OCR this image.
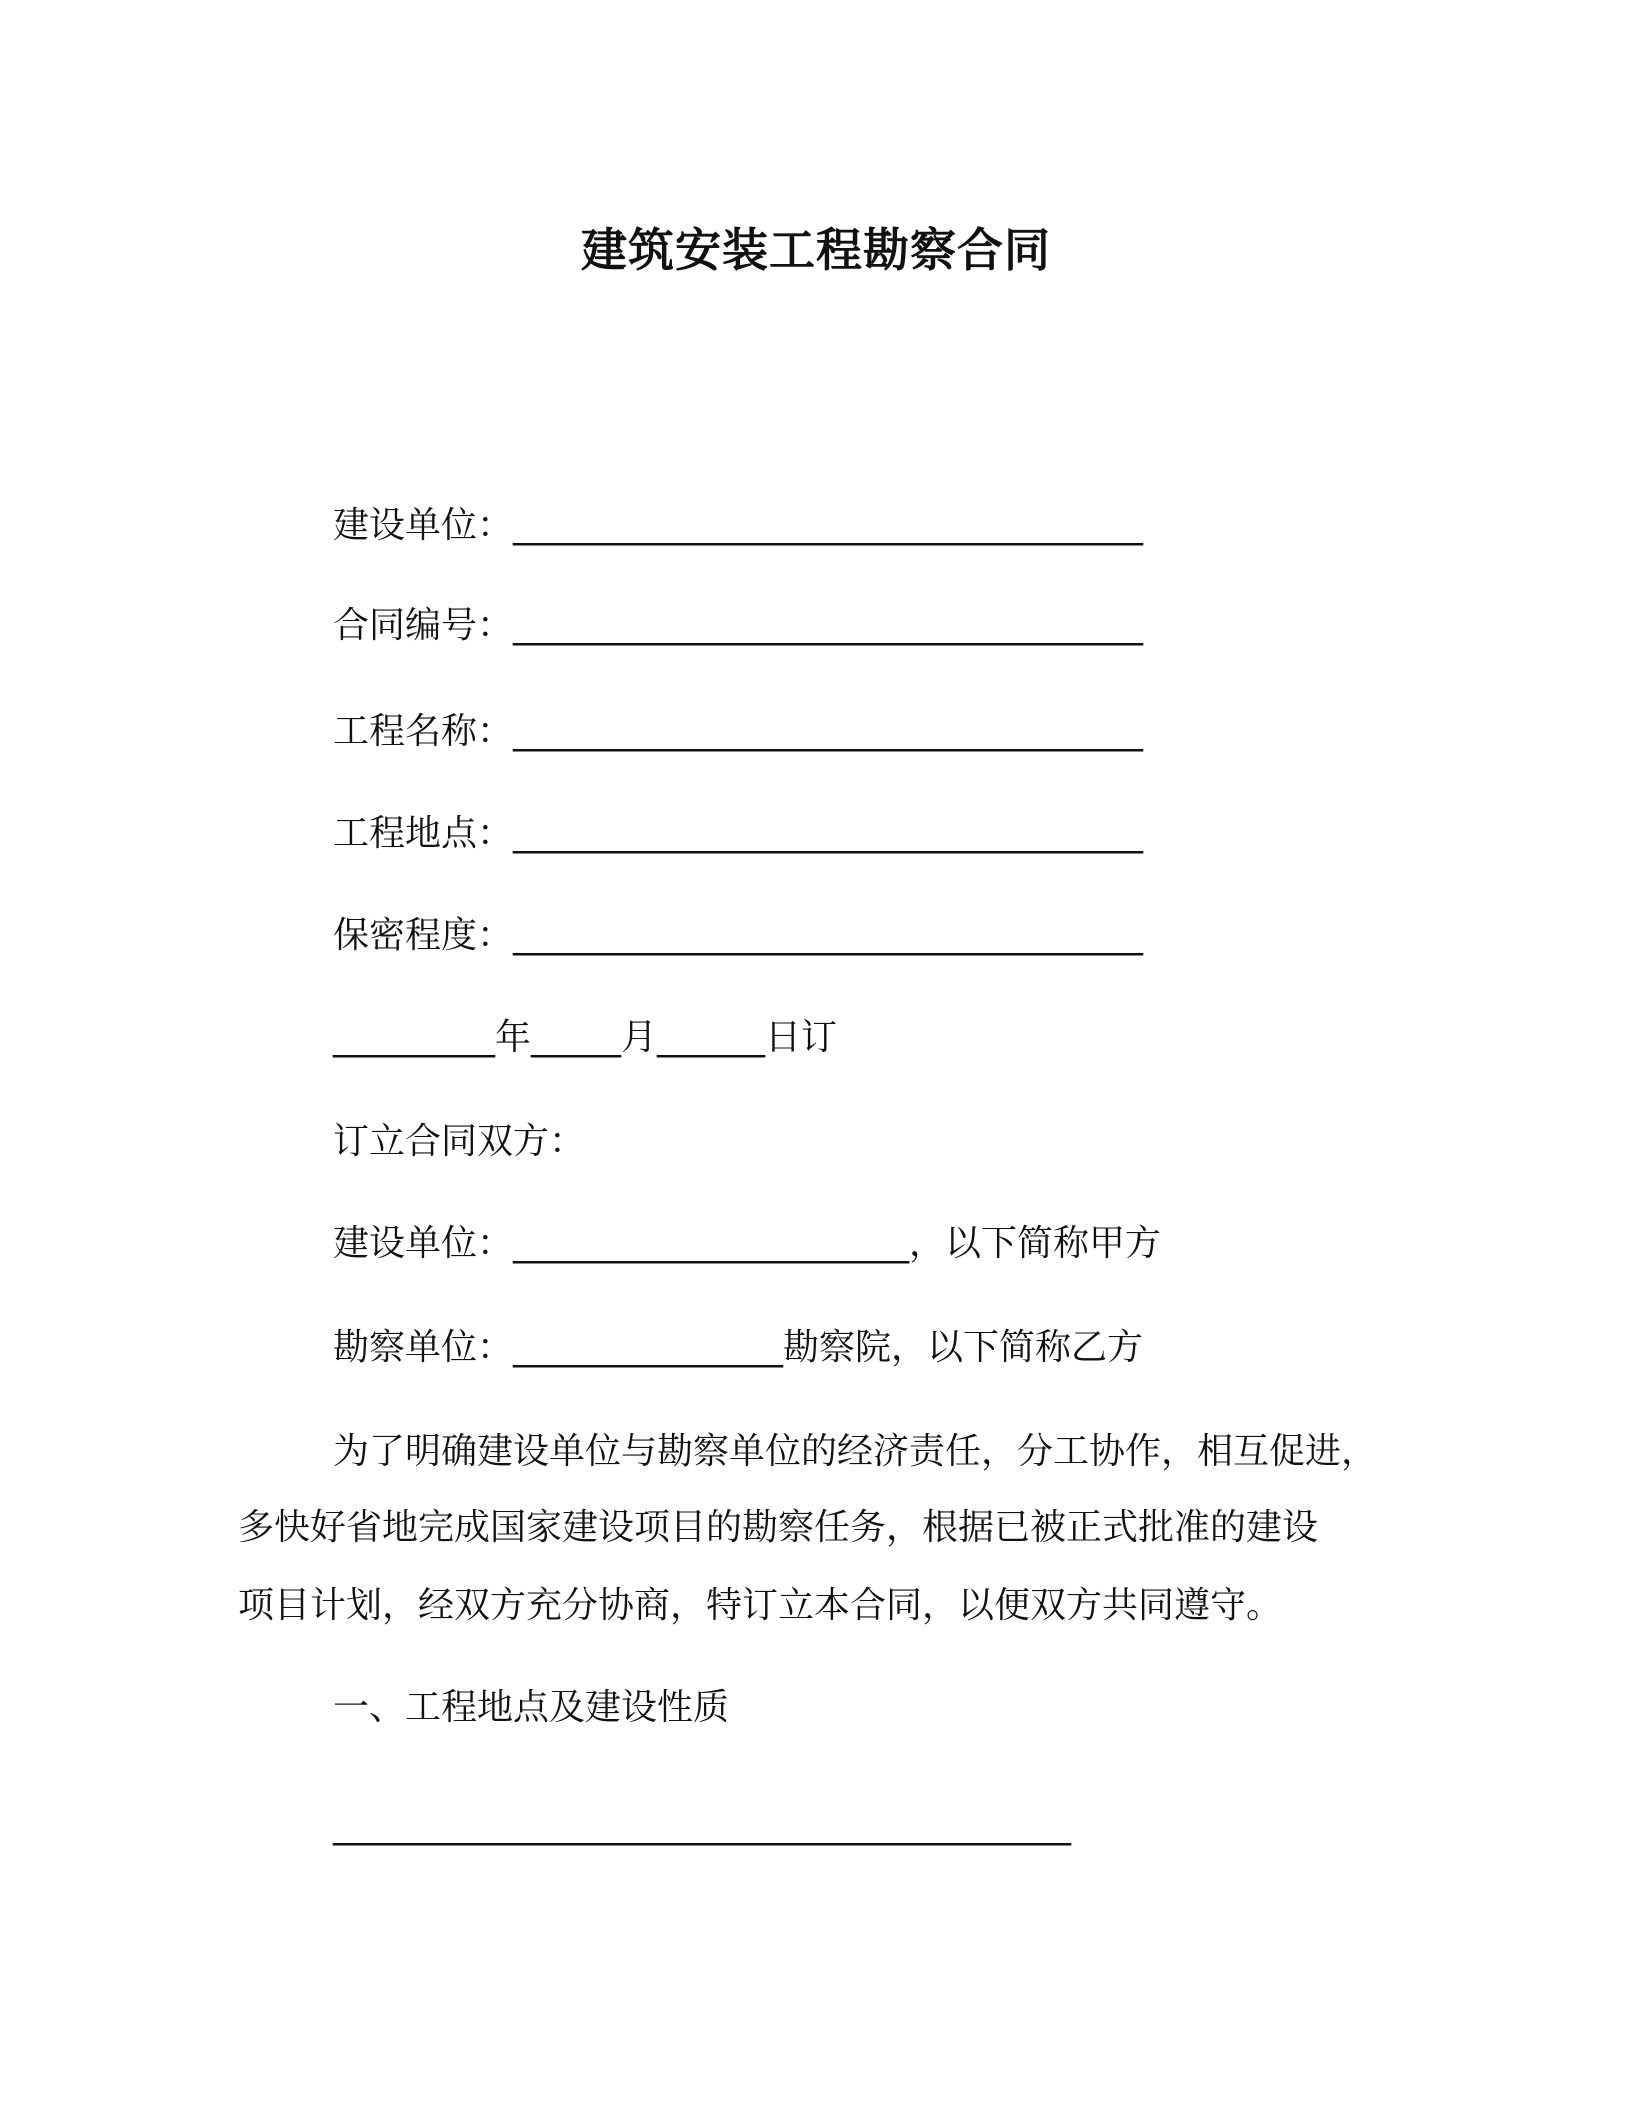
建筑安装工程勘察合同
建设单位：___________________________________
合同编号：___________________________________
工程名称：___________________________________
工程地点：___________________________________
保密程度：___________________________________
_________年_____月______日订
订立合同双方：
建设单位：______________________，以下简称甲方
勘察单位：_______________勘察院，以下简称乙方
为了明确建设单位与勘察单位的经济责任，分工协作，相互促进，
多快好省地完成国家建设项目的勘察任务，根据已被正式批准的建设
项目计划，经双方充分协商，特订立本合同，以便双方共同遵守。
一、工程地点及建设性质
_________________________________________
